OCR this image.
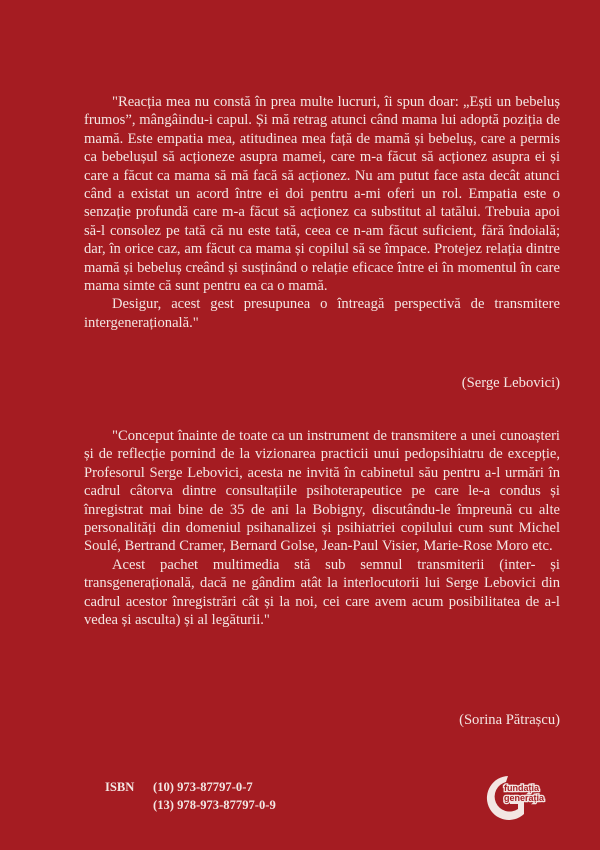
"Reacția mea nu constă în prea multe lucruri, îi spun doar: „Ești un bebeluș frumos”, mângâindu-i capul. Și mă retrag atunci când mama lui adoptă poziția de mamă. Este empatia mea, atitudinea mea față de mamă și bebeluș, care a permis ca bebelușul să acționeze asupra mamei, care m-a făcut să acționez asupra ei și care a făcut ca mama să mă facă să acționez. Nu am putut face asta decât atunci când a existat un acord între ei doi pentru a-mi oferi un rol. Empatia este o senzație profundă care m-a făcut să acționez ca substitut al tatălui. Trebuia apoi să-l consolez pe tată că nu este tată, ceea ce n-am făcut suficient, fără îndoială; dar, în orice caz, am făcut ca mama și copilul să se împace. Protejez relația dintre mamă și bebeluș creând și susținând o relație eficace între ei în momentul în care mama simte că sunt pentru ea ca o mamă.

Desigur, acest gest presupunea o întreagă perspectivă de transmitere intergenerațională."

(Serge Lebovici)

"Conceput înainte de toate ca un instrument de transmitere a unei cunoașteri și de reflecție pornind de la vizionarea practicii unui pedopsihiatru de excepție, Profesorul Serge Lebovici, acesta ne invită în cabinetul său pentru a-l urmări în cadrul câtorva dintre consultațiile psihoterapeutice pe care le-a condus și înregistrat mai bine de 35 de ani la Bobigny, discutându-le împreună cu alte personalități din domeniul psihanalizei și psihiatriei copilului cum sunt Michel Soulé, Bertrand Cramer, Bernard Golse, Jean-Paul Visier, Marie-Rose Moro etc.

Acest pachet multimedia stă sub semnul transmiterii (inter- și transgenerațională, dacă ne gândim atât la interlocutorii lui Serge Lebovici din cadrul acestor înregistrări cât și la noi, cei care avem acum posibilitatea de a-l vedea și asculta) și al legăturii."

(Sorina Pătrașcu)
ISBN	(10) 973-87797-0-7
(13) 978-973-87797-0-9
fundația
generația
